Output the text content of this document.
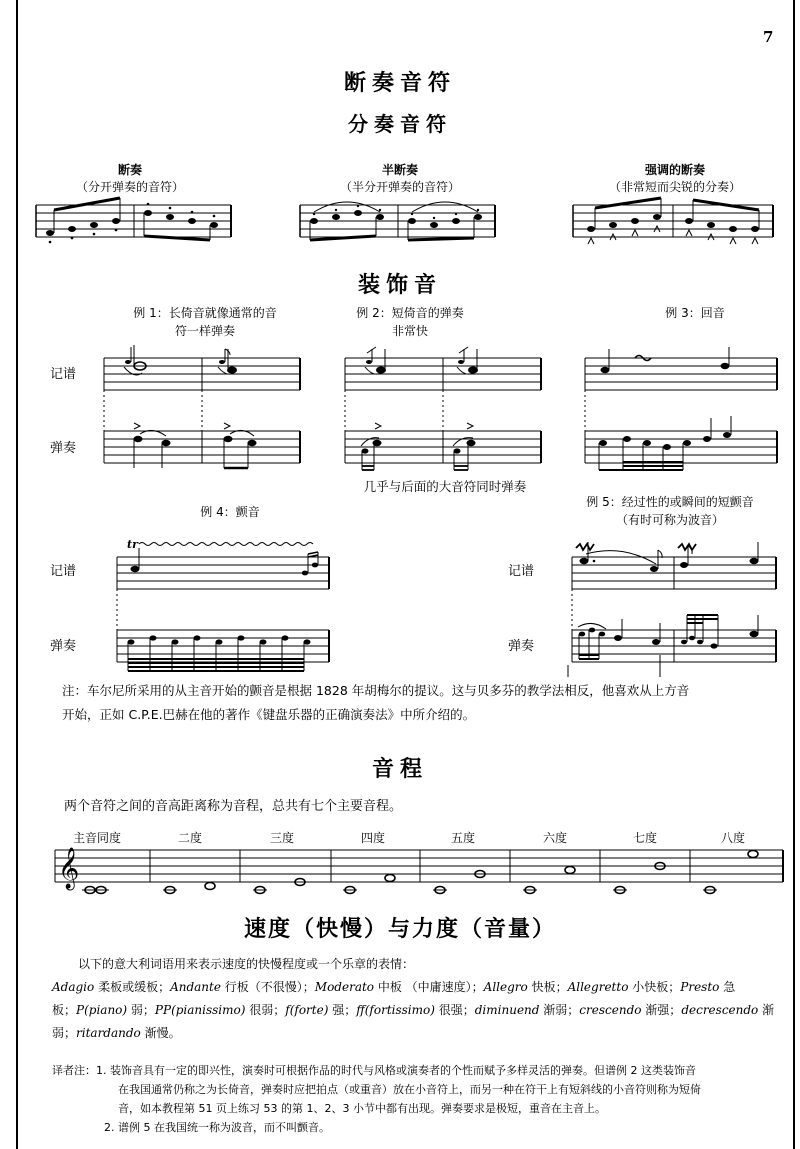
7
断奏音符
分奏音符
断奏
（分开弹奏的音符）
半断奏
（半分开弹奏的音符）
强调的断奏
（非常短而尖锐的分奏）
装饰音
例 1：长倚音就像通常的音
符一样弹奏
例 2：短倚音的弹奏
非常快
例 3：回音
记谱
弹奏
几乎与后面的大音符同时弹奏
例 4：颤音
例 5：经过性的或瞬间的短颤音
（有时可称为波音）
记谱
弹奏
记谱
弹奏
tr
注：车尔尼所采用的从主音开始的颤音是根据 1828 年胡梅尔的提议。这与贝多芬的教学法相反，他喜欢从上方音
开始，正如 C.P.E.巴赫在他的著作《键盘乐器的正确演奏法》中所介绍的。
音程
两个音符之间的音高距离称为音程，总共有七个主要音程。
主音同度	二度	三度	四度	五度	六度	七度	八度
𝄞
速度（快慢）与力度（音量）
以下的意大利词语用来表示速度的快慢程度或一个乐章的表情：
Adagio 柔板或缓板；Andante 行板（不很慢）；Moderato 中板 （中庸速度）；Allegro 快板；Allegretto 小快板；Presto 急
板；P(piano) 弱；PP(pianissimo) 很弱；f(forte) 强；ff(fortissimo) 很强；diminuend 渐弱；crescendo 渐强；decrescendo 渐
弱；ritardando 渐慢。
译者注：1. 装饰音具有一定的即兴性，演奏时可根据作品的时代与风格或演奏者的个性而赋予多样灵活的弹奏。但谱例 2 这类装饰音
在我国通常仍称之为长倚音，弹奏时应把拍点（或重音）放在小音符上，而另一种在符干上有短斜线的小音符则称为短倚
音，如本教程第 51 页上练习 53 的第 1、2、3 小节中都有出现。弹奏要求是极短，重音在主音上。
2. 谱例 5 在我国统一称为波音，而不叫颤音。
